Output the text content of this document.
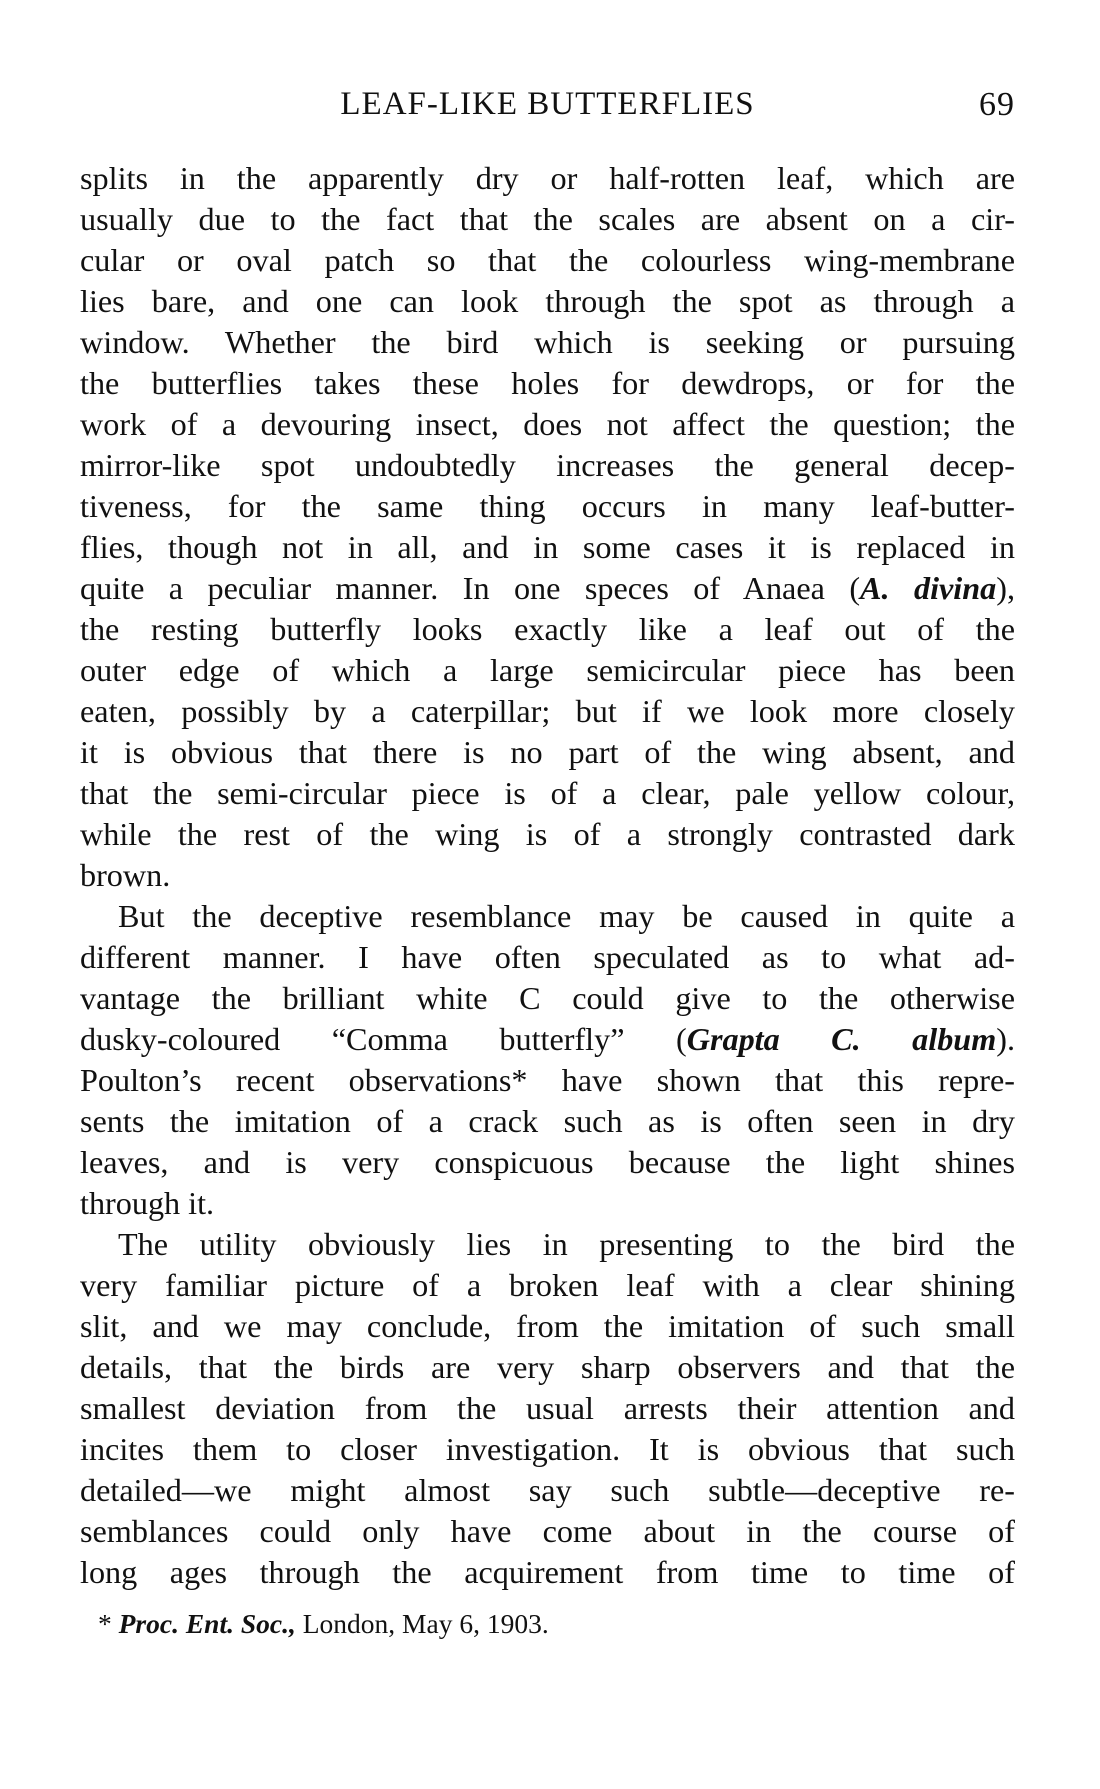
LEAF-LIKE BUTTERFLIES	69
splits in the apparently dry or half-rotten leaf, which are
usually due to the fact that the scales are absent on a cir-
cular or oval patch so that the colourless wing-membrane
lies bare, and one can look through the spot as through a
window. Whether the bird which is seeking or pursuing
the butterflies takes these holes for dewdrops, or for the
work of a devouring insect, does not affect the question; the
mirror-like spot undoubtedly increases the general decep-
tiveness, for the same thing occurs in many leaf-butter-
flies, though not in all, and in some cases it is replaced in
quite a peculiar manner. In one speces of Anaea (A. divina),
the resting butterfly looks exactly like a leaf out of the
outer edge of which a large semicircular piece has been
eaten, possibly by a caterpillar; but if we look more closely
it is obvious that there is no part of the wing absent, and
that the semi-circular piece is of a clear, pale yellow colour,
while the rest of the wing is of a strongly contrasted dark
brown.
But the deceptive resemblance may be caused in quite a
different manner. I have often speculated as to what ad-
vantage the brilliant white C could give to the otherwise
dusky-coloured “Comma butterfly” (Grapta C. album).
Poulton’s recent observations* have shown that this repre-
sents the imitation of a crack such as is often seen in dry
leaves, and is very conspicuous because the light shines
through it.
The utility obviously lies in presenting to the bird the
very familiar picture of a broken leaf with a clear shining
slit, and we may conclude, from the imitation of such small
details, that the birds are very sharp observers and that the
smallest deviation from the usual arrests their attention and
incites them to closer investigation. It is obvious that such
detailed—we might almost say such subtle—deceptive re-
semblances could only have come about in the course of
long ages through the acquirement from time to time of
* Proc. Ent. Soc., London, May 6, 1903.
